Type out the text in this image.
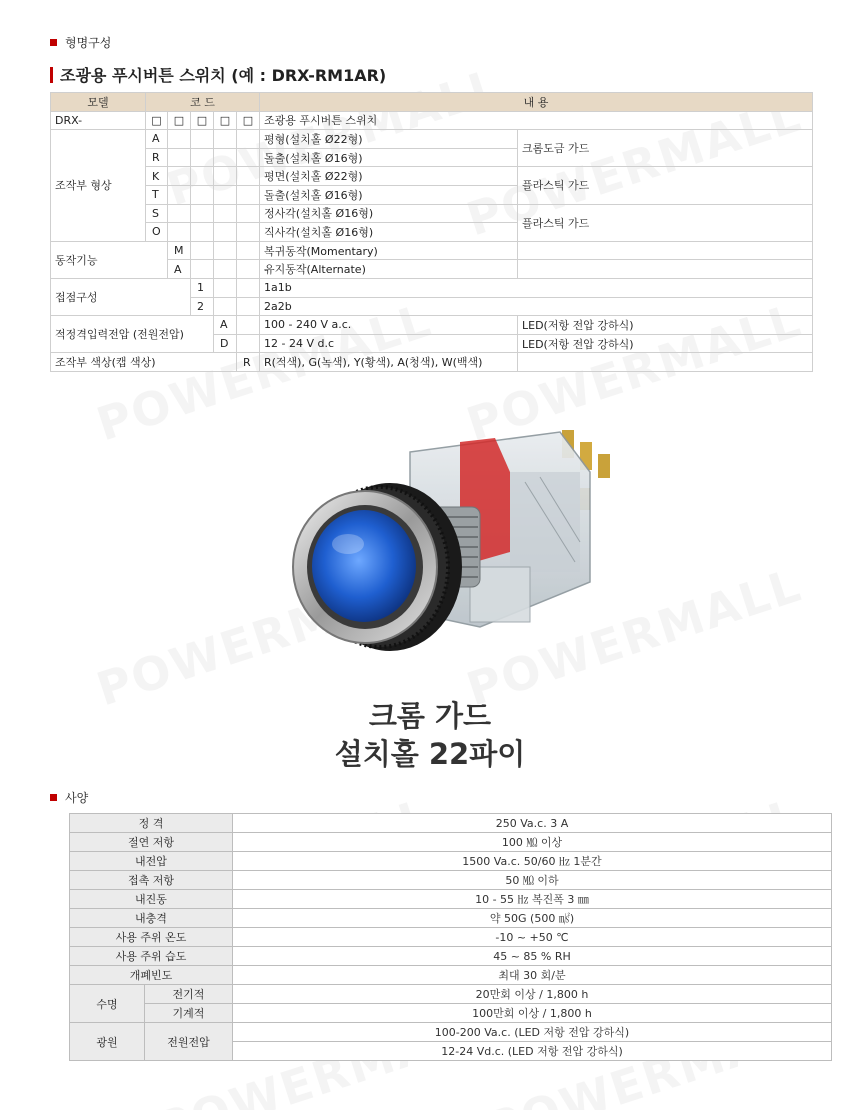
형명구성
조광용 푸시버튼 스위치 (예 : DRX-RM1AR)
모델	코 드					내 용	
DRX-	□	□	□	□	□	조광용 푸시버튼 스위치	
조작부 형상	A					평형(설치홀 Ø22형)	크롬도금 가드
	R					돌출(설치홀 Ø16형)	
	K					평면(설치홀 Ø22형)	플라스틱 가드
	T					돌출(설치홀 Ø16형)	
	S					정사각(설치홀 Ø16형)	플라스틱 가드
	O					직사각(설치홀 Ø16형)	
동작기능		M				복귀동작(Momentary)	
		A				유지동작(Alternate)	
접점구성			1			1a1b	
			2			2a2b	
적정격입력전압 (전원전압)				A		100 - 240 V a.c.	LED(저항 전압 강하식)
				D		12 - 24 V d.c	LED(저항 전압 강하식)
조작부 색상(캡 색상)					R	R(적색), G(녹색), Y(황색), A(청색), W(백색)	
크롬 가드
설치홀 22파이
사양
정 격		250 Va.c. 3 A
절연 저항		100 ㏁ 이상
내전압		1500 Va.c. 50/60 ㎐ 1분간
접촉 저항		50 ㏁ 이하
내진동		10 - 55 ㎐ 복진폭 3 ㎜
내충격		약 50G (500 ㎨)
사용 주위 온도		-10 ~ +50 ℃
사용 주위 습도		45 ~ 85 % RH
개폐빈도		최대 30 회/분
수명	전기적	20만회 이상 / 1,800 h
	기계적	100만회 이상 / 1,800 h
광원	전원전압	100-200 Va.c. (LED 저항 전압 강하식)
		12-24 Vd.c. (LED 저항 전압 강하식)
